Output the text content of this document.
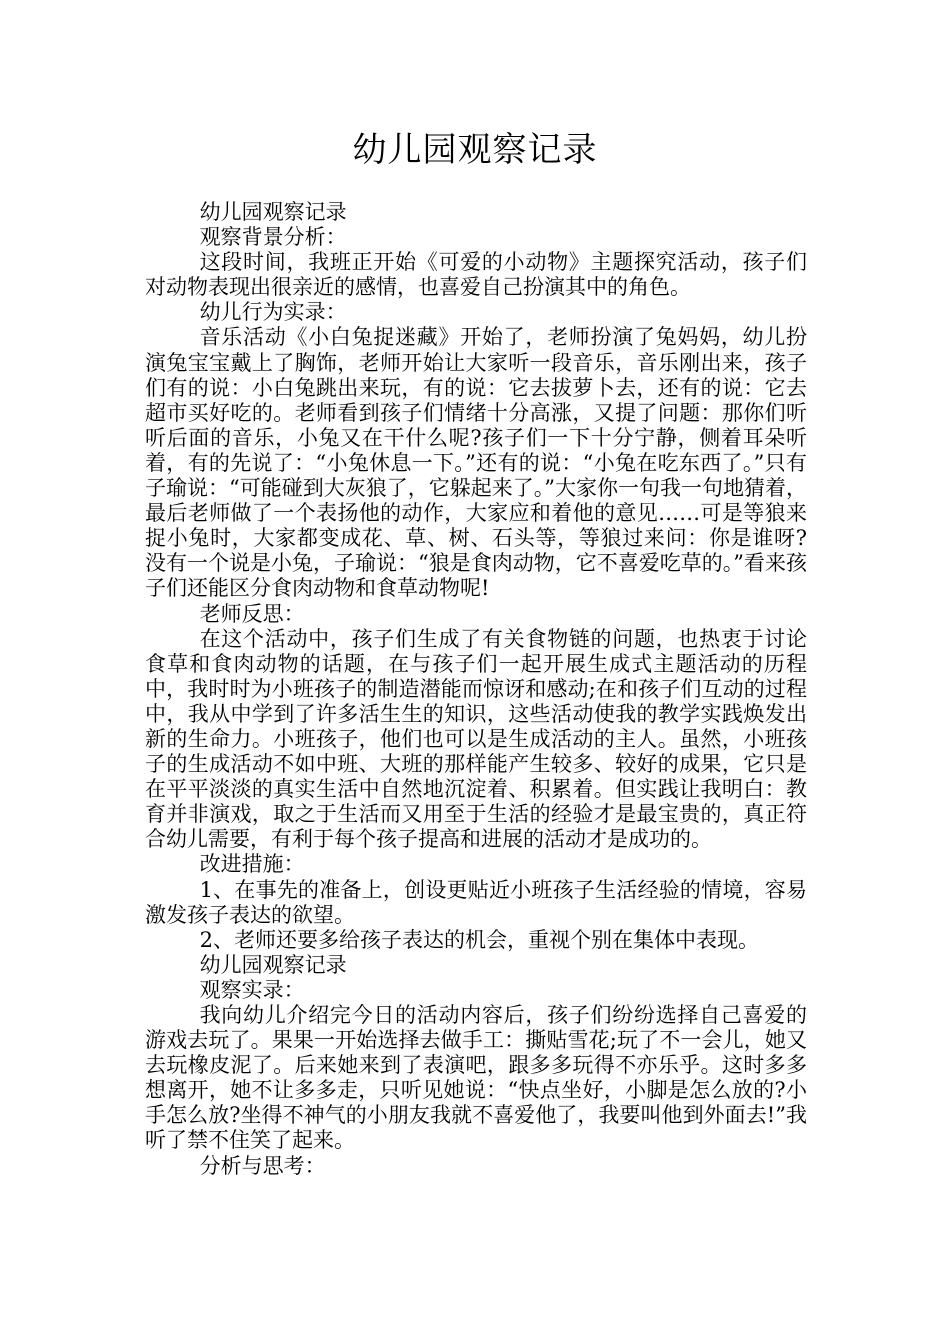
幼儿园观察记录

幼儿园观察记录

观察背景分析：

这段时间，我班正开始《可爱的小动物》主题探究活动，孩子们对动物表现出很亲近的感情，也喜爱自己扮演其中的角色。

幼儿行为实录：

音乐活动《小白兔捉迷藏》开始了，老师扮演了兔妈妈，幼儿扮演兔宝宝戴上了胸饰，老师开始让大家听一段音乐，音乐刚出来，孩子们有的说：小白兔跳出来玩，有的说：它去拔萝卜去，还有的说：它去超市买好吃的。老师看到孩子们情绪十分高涨，又提了问题：那你们听听后面的音乐，小兔又在干什么呢?孩子们一下十分宁静，侧着耳朵听着，有的先说了：“小兔休息一下。”还有的说：“小兔在吃东西了。”只有子瑜说：“可能碰到大灰狼了，它躲起来了。”大家你一句我一句地猜着，最后老师做了一个表扬他的动作，大家应和着他的意见……可是等狼来捉小兔时，大家都变成花、草、树、石头等，等狼过来问：你是谁呀?没有一个说是小兔，子瑜说：“狼是食肉动物，它不喜爱吃草的。”看来孩子们还能区分食肉动物和食草动物呢!

老师反思：

在这个活动中，孩子们生成了有关食物链的问题，也热衷于讨论食草和食肉动物的话题，在与孩子们一起开展生成式主题活动的历程中，我时时为小班孩子的制造潜能而惊讶和感动;在和孩子们互动的过程中，我从中学到了许多活生生的知识，这些活动使我的教学实践焕发出新的生命力。小班孩子，他们也可以是生成活动的主人。虽然，小班孩子的生成活动不如中班、大班的那样能产生较多、较好的成果，它只是在平平淡淡的真实生活中自然地沉淀着、积累着。但实践让我明白：教育并非演戏，取之于生活而又用至于生活的经验才是最宝贵的，真正符合幼儿需要，有利于每个孩子提高和进展的活动才是成功的。

改进措施：

1、在事先的准备上，创设更贴近小班孩子生活经验的情境，容易激发孩子表达的欲望。

2、老师还要多给孩子表达的机会，重视个别在集体中表现。

幼儿园观察记录

观察实录：

我向幼儿介绍完今日的活动内容后，孩子们纷纷选择自己喜爱的游戏去玩了。果果一开始选择去做手工：撕贴雪花;玩了不一会儿，她又去玩橡皮泥了。后来她来到了表演吧，跟多多玩得不亦乐乎。这时多多想离开，她不让多多走，只听见她说：“快点坐好，小脚是怎么放的?小手怎么放?坐得不神气的小朋友我就不喜爱他了，我要叫他到外面去!”我听了禁不住笑了起来。

分析与思考：
